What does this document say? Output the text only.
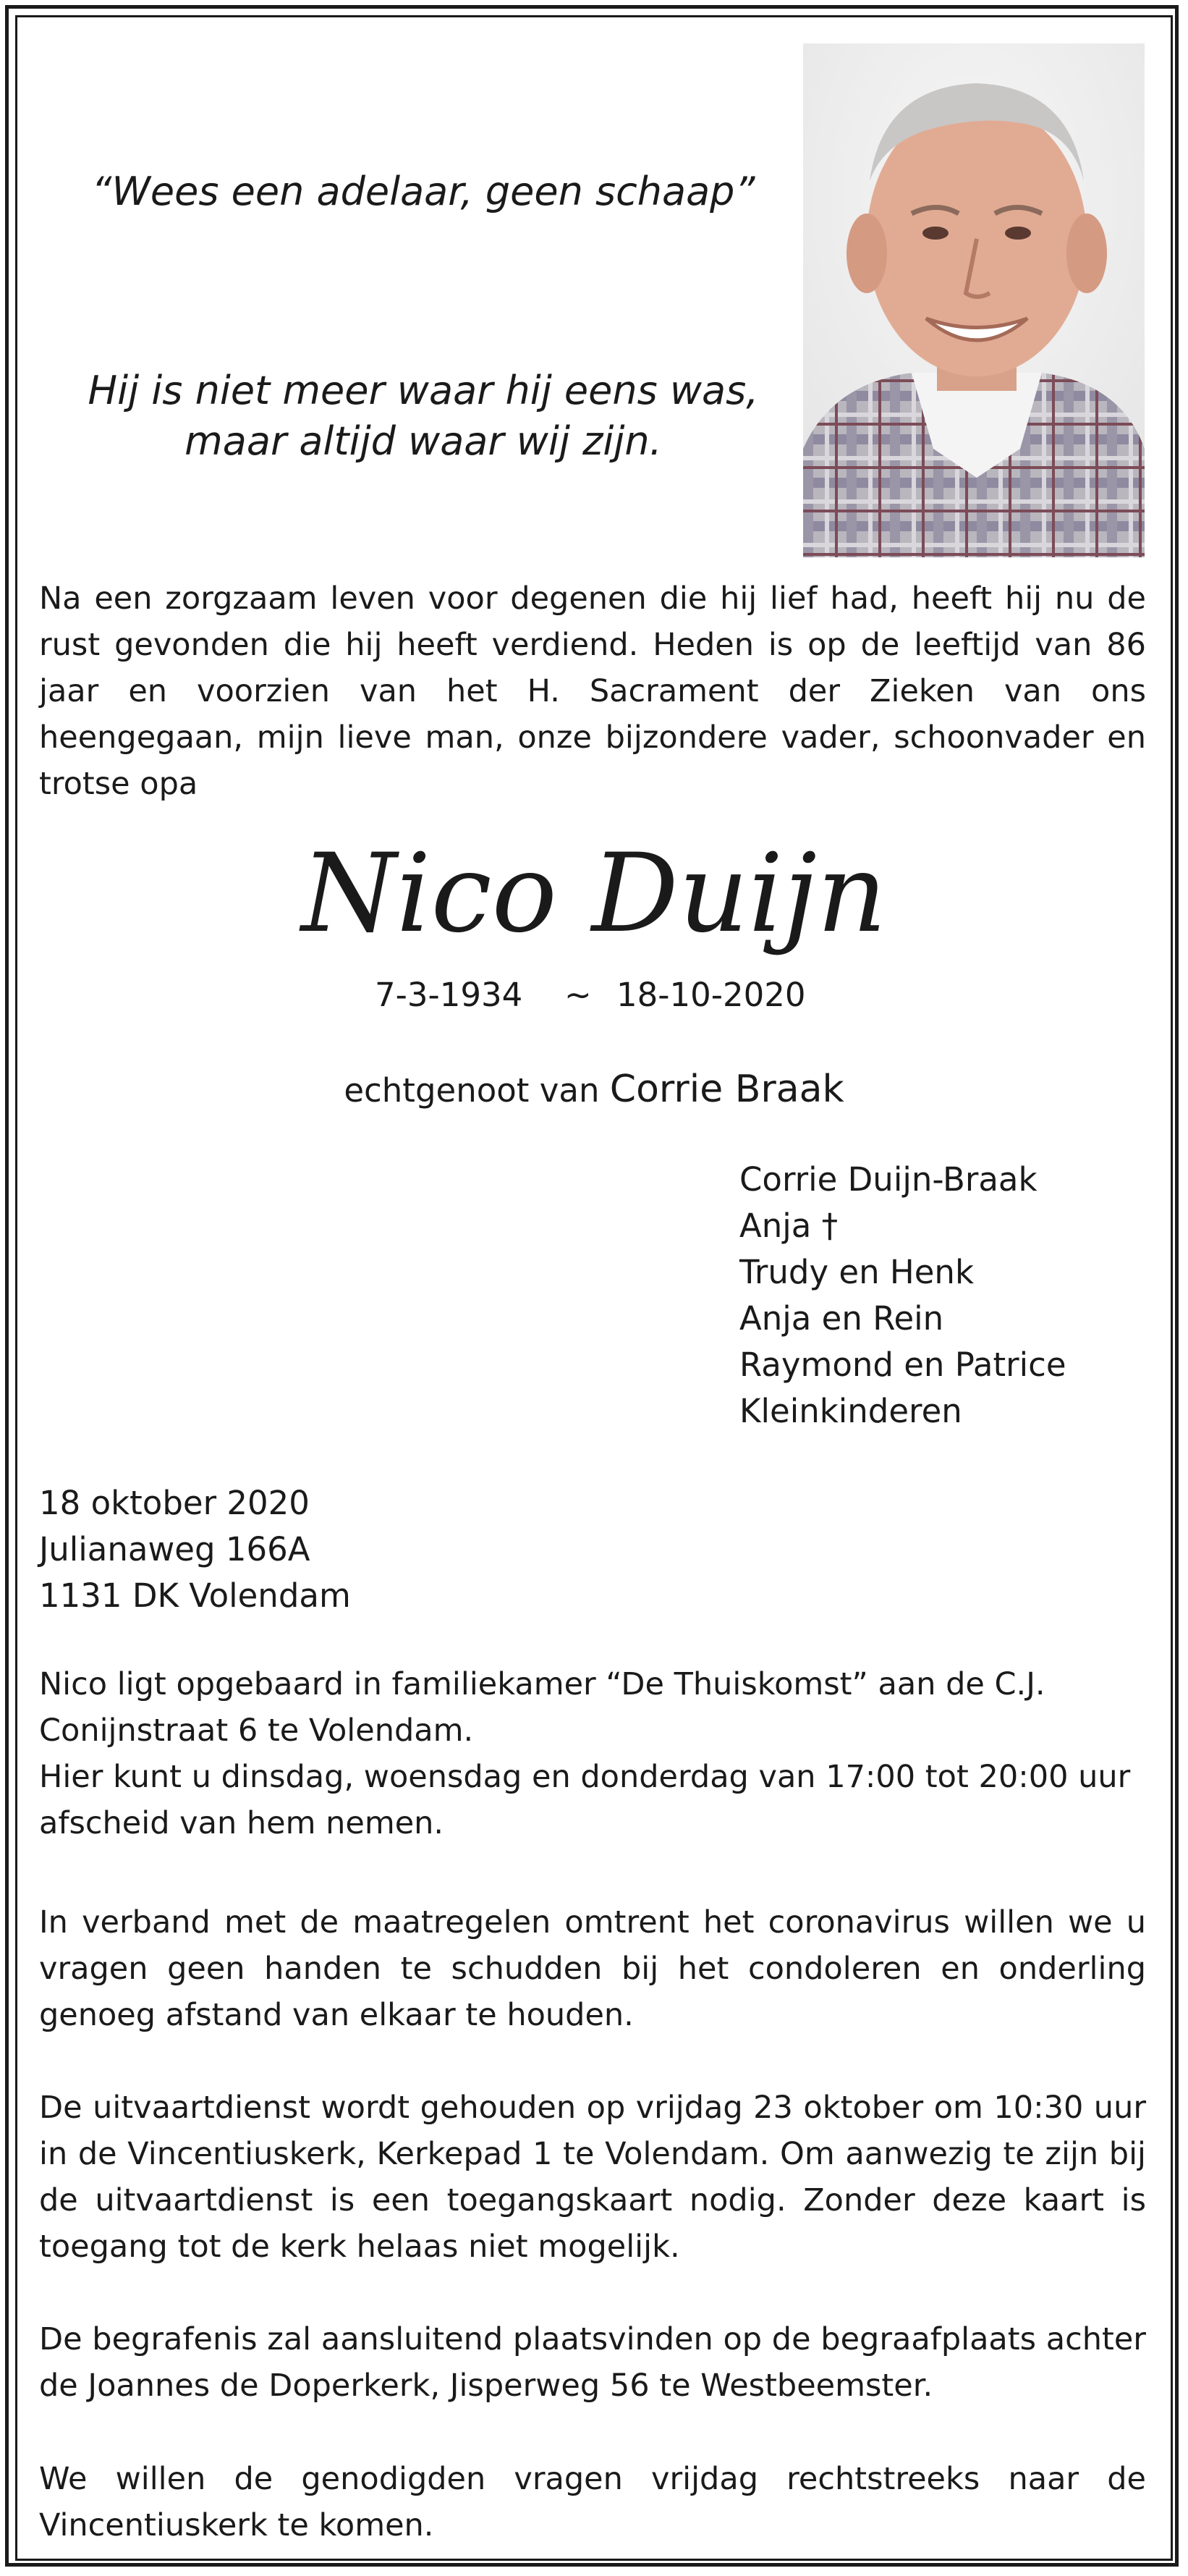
“Wees een adelaar, geen schaap”

Hij is niet meer waar hij eens was, maar altijd waar wij zijn.

Na een zorgzaam leven voor degenen die hij lief had, heeft hij nu de rust gevonden die hij heeft verdiend. Heden is op de leeftijd van 86 jaar en voorzien van het H. Sacrament der Zieken van ons heengegaan, mijn lieve man, onze bijzondere vader, schoonvader en trotse opa

Nico Duijn

7-3-1934 ~ 18-10-2020

echtgenoot van Corrie Braak

Corrie Duijn-Braak
Anja †
Trudy en Henk
Anja en Rein
Raymond en Patrice
Kleinkinderen
18 oktober 2020
Julianaweg 166A
1131 DK Volendam
Nico ligt opgebaard in familiekamer “De Thuiskomst” aan de C.J. Conijnstraat 6 te Volendam.
Hier kunt u dinsdag, woensdag en donderdag van 17:00 tot 20:00 uur afscheid van hem nemen.

In verband met de maatregelen omtrent het coronavirus willen we u vragen geen handen te schudden bij het condoleren en onderling genoeg afstand van elkaar te houden.

De uitvaartdienst wordt gehouden op vrijdag 23 oktober om 10:30 uur in de Vincentiuskerk, Kerkepad 1 te Volendam. Om aanwezig te zijn bij de uitvaartdienst is een toegangskaart nodig. Zonder deze kaart is toegang tot de kerk helaas niet mogelijk.

De begrafenis zal aansluitend plaatsvinden op de begraafplaats achter de Joannes de Doperkerk, Jisperweg 56 te Westbeemster.

We willen de genodigden vragen vrijdag rechtstreeks naar de Vincentiuskerk te komen.
